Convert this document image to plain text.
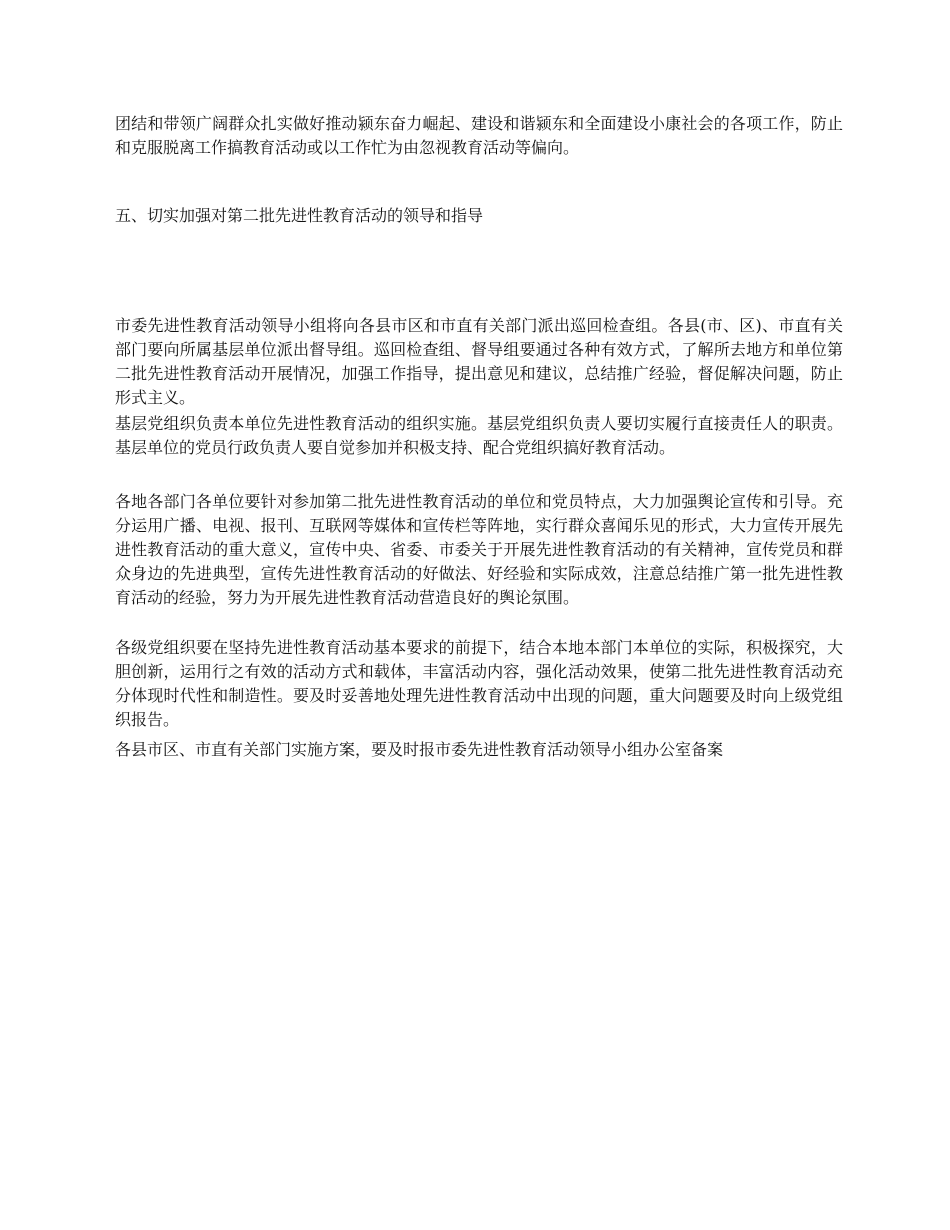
团结和带领广阔群众扎实做好推动颍东奋力崛起、建设和谐颍东和全面建设小康社会的各项工作，防止和克服脱离工作搞教育活动或以工作忙为由忽视教育活动等偏向。

五、切实加强对第二批先进性教育活动的领导和指导

市委先进性教育活动领导小组将向各县市区和市直有关部门派出巡回检查组。各县(市、区)、市直有关部门要向所属基层单位派出督导组。巡回检查组、督导组要通过各种有效方式，了解所去地方和单位第二批先进性教育活动开展情况，加强工作指导，提出意见和建议，总结推广经验，督促解决问题，防止形式主义。

基层党组织负责本单位先进性教育活动的组织实施。基层党组织负责人要切实履行直接责任人的职责。基层单位的党员行政负责人要自觉参加并积极支持、配合党组织搞好教育活动。

各地各部门各单位要针对参加第二批先进性教育活动的单位和党员特点，大力加强舆论宣传和引导。充分运用广播、电视、报刊、互联网等媒体和宣传栏等阵地，实行群众喜闻乐见的形式，大力宣传开展先进性教育活动的重大意义，宣传中央、省委、市委关于开展先进性教育活动的有关精神，宣传党员和群众身边的先进典型，宣传先进性教育活动的好做法、好经验和实际成效，注意总结推广第一批先进性教育活动的经验，努力为开展先进性教育活动营造良好的舆论氛围。

各级党组织要在坚持先进性教育活动基本要求的前提下，结合本地本部门本单位的实际，积极探究，大胆创新，运用行之有效的活动方式和载体，丰富活动内容，强化活动效果，使第二批先进性教育活动充分体现时代性和制造性。要及时妥善地处理先进性教育活动中出现的问题，重大问题要及时向上级党组织报告。

各县市区、市直有关部门实施方案，要及时报市委先进性教育活动领导小组办公室备案
